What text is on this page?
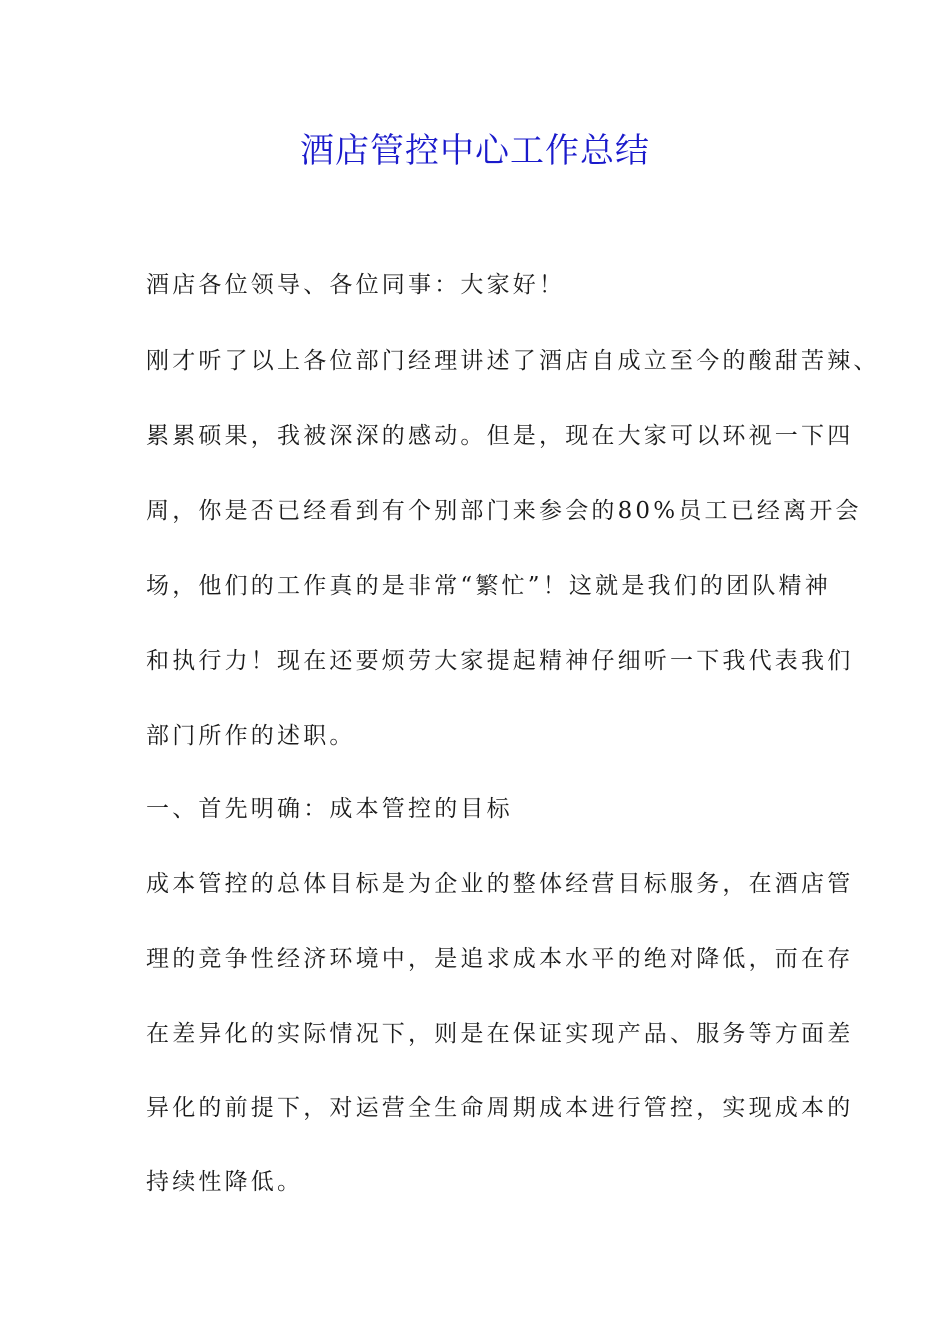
酒店管控中心工作总结

酒店各位领导、各位同事：大家好！

刚才听了以上各位部门经理讲述了酒店自成立至今的酸甜苦辣、

累累硕果，我被深深的感动。但是，现在大家可以环视一下四

周，你是否已经看到有个别部门来参会的80%员工已经离开会

场，他们的工作真的是非常“繁忙”！这就是我们的团队精神

和执行力！现在还要烦劳大家提起精神仔细听一下我代表我们

部门所作的述职。

一、首先明确：成本管控的目标

成本管控的总体目标是为企业的整体经营目标服务，在酒店管

理的竞争性经济环境中，是追求成本水平的绝对降低，而在存

在差异化的实际情况下，则是在保证实现产品、服务等方面差

异化的前提下，对运营全生命周期成本进行管控，实现成本的

持续性降低。
